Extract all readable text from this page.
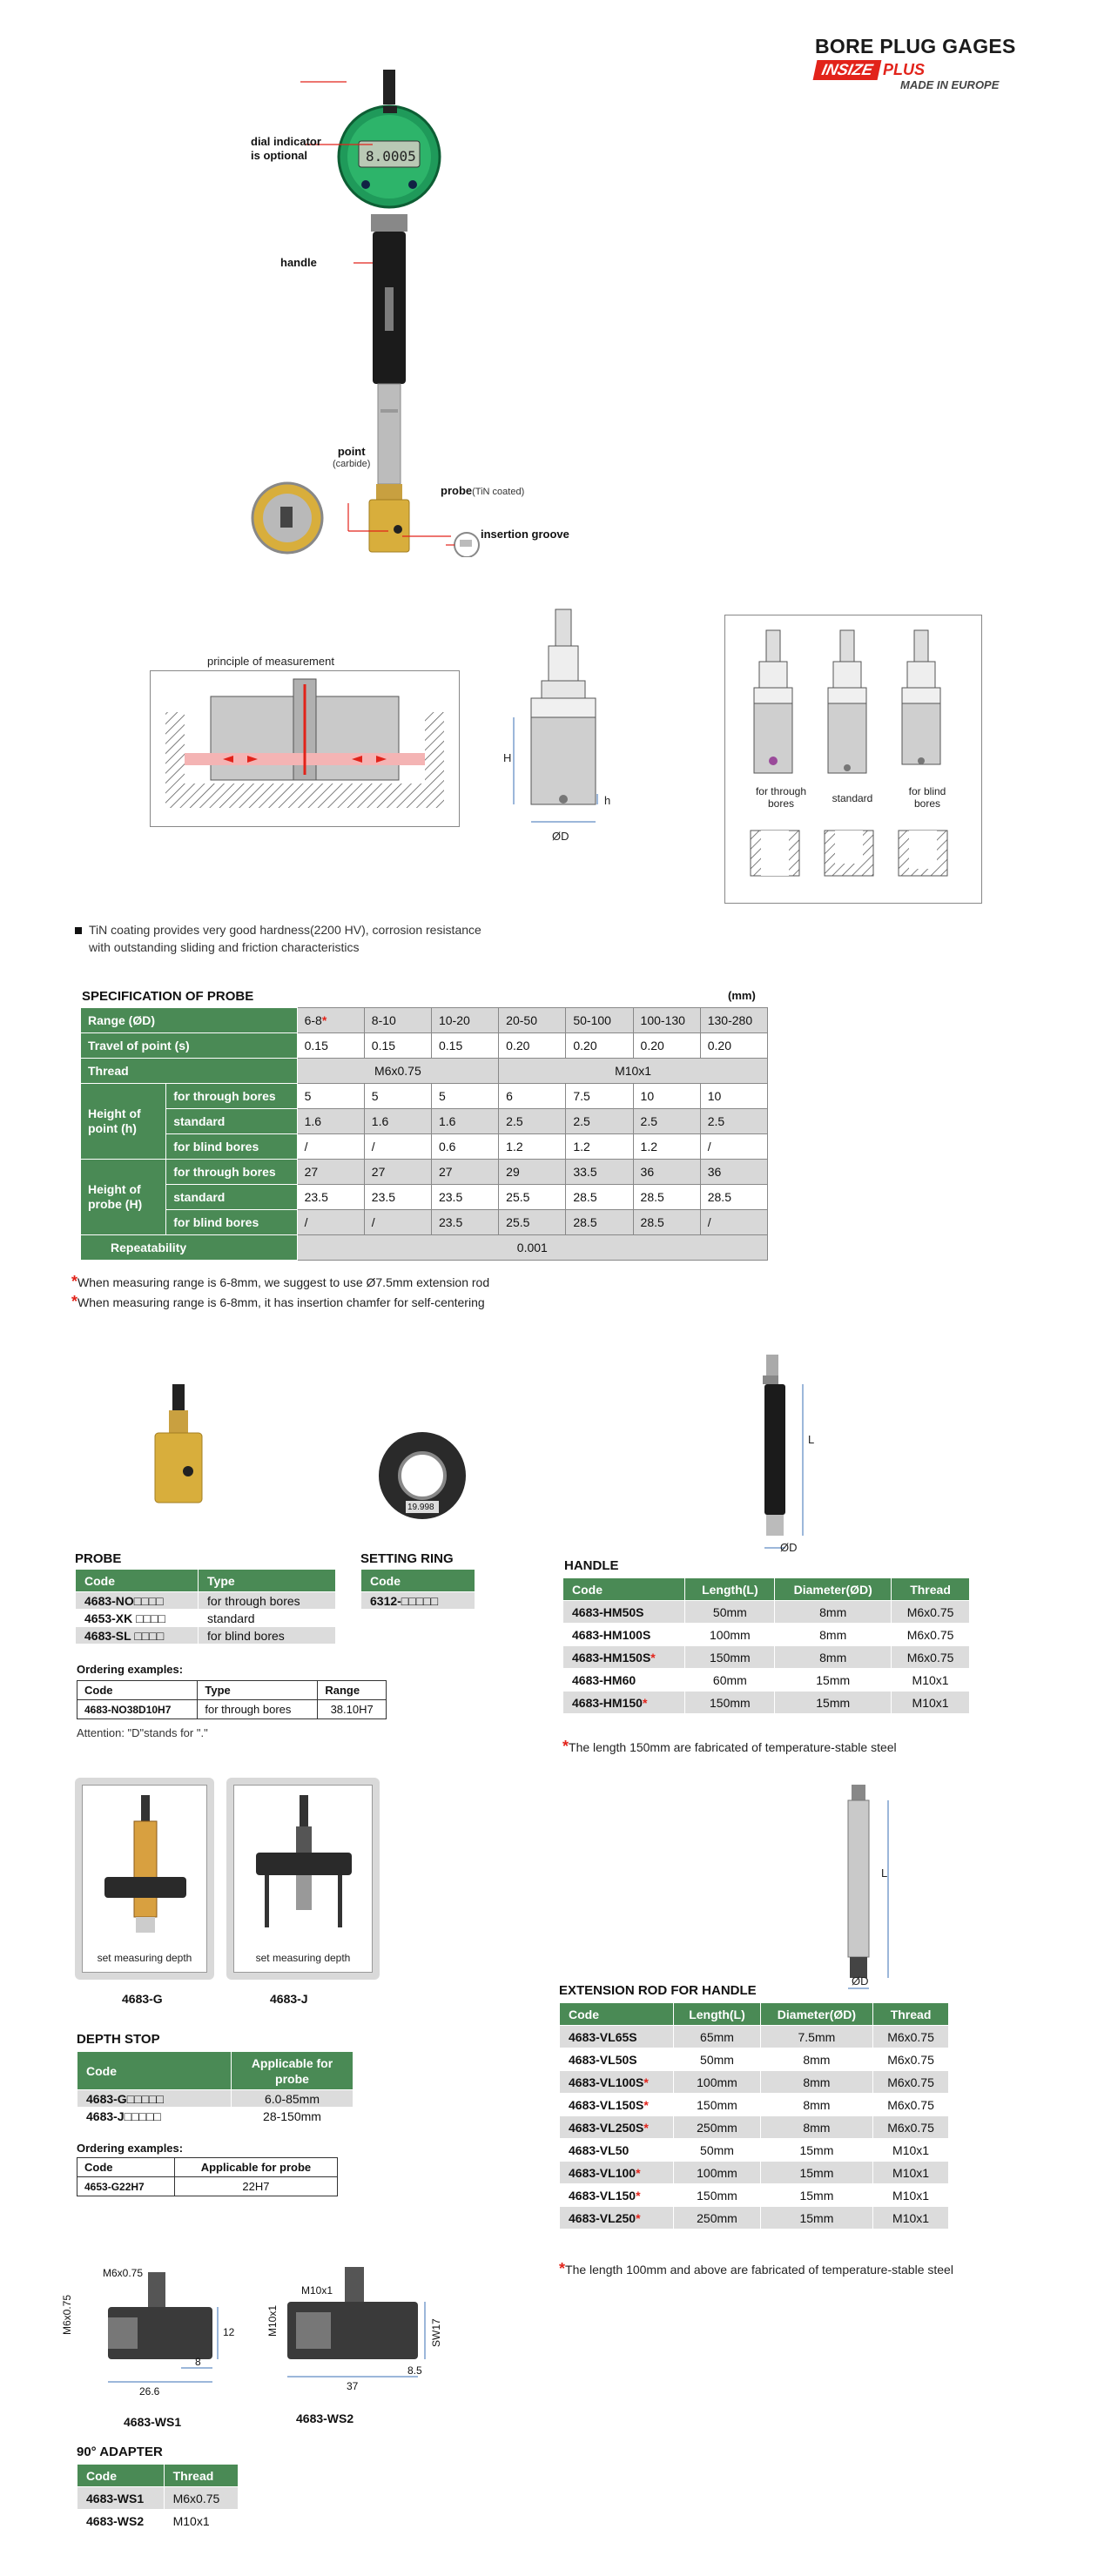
BORE PLUG GAGES
INSIZE PLUS
MADE IN EUROPE
dial indicator
is optional	8.0005
handle
point
(carbide)
probe(TiN coated)
insertion groove
principle of measurement
H
h
ØD
for through bores	standard
for blind bores
TiN coating provides very good hardness(2200 HV), corrosion resistance
with outstanding sliding and friction characteristics
SPECIFICATION OF PROBE	(mm)
Range (ØD)		6-8*	8-10	10-20	20-50	50-100	100-130	130-280
Travel of point (s)		0.15	0.15	0.15	0.20	0.20	0.20	0.20
Thread		M6x0.75			M10x1			
Height of point (h)	for through bores	5	5	5	6	7.5	10	10
	standard	1.6	1.6	1.6	2.5	2.5	2.5	2.5
	for blind bores	/	/	0.6	1.2	1.2	1.2	/
Height of probe (H)	for through bores	27	27	27	29	33.5	36	36
	standard	23.5	23.5	23.5	25.5	28.5	28.5	28.5
	for blind bores	/	/	23.5	25.5	28.5	28.5	/
Repeatability		0.001						
*When measuring range is 6-8mm, we suggest to use Ø7.5mm extension rod
*When measuring range is 6-8mm, it has insertion chamfer for self-centering
19.998
PROBE
Code	Type
4683-NO□□□□	for through bores
4653-XK □□□□	standard
4683-SL □□□□	for blind bores
SETTING RING
Code
6312-□□□□□
Ordering examples:
Code	Type	Range
4683-NO38D10H7	for through bores	38.10H7
Attention: "D"stands for "."
L
ØD
HANDLE
Code	Length(L)	Diameter(ØD)	Thread
4683-HM50S	50mm	8mm	M6x0.75
4683-HM100S	100mm	8mm	M6x0.75
4683-HM150S*	150mm	8mm	M6x0.75
4683-HM60	60mm	15mm	M10x1
4683-HM150*	150mm	15mm	M10x1
*The length 150mm are fabricated of temperature-stable steel
set measuring depth	set measuring depth
4683-G	4683-J
DEPTH STOP
Code	Applicable for probe
4683-G□□□□□	6.0-85mm
4683-J□□□□□	28-150mm
Ordering examples:
Code	Applicable for probe
4653-G22H7	22H7
L
ØD
EXTENSION ROD FOR HANDLE
Code	Length(L)	Diameter(ØD)	Thread
4683-VL65S	65mm	7.5mm	M6x0.75
4683-VL50S	50mm	8mm	M6x0.75
4683-VL100S*	100mm	8mm	M6x0.75
4683-VL150S*	150mm	8mm	M6x0.75
4683-VL250S*	250mm	8mm	M6x0.75
4683-VL50	50mm	15mm	M10x1
4683-VL100*	100mm	15mm	M10x1
4683-VL150*	150mm	15mm	M10x1
4683-VL250*	250mm	15mm	M10x1
*The length 100mm and above are fabricated of temperature-stable steel
M6x0.75
M6x0.75	12
8
26.6
M10x1
M10x1	SW17
8.5
37
4683-WS1	4683-WS2
90° ADAPTER
Code	Thread
4683-WS1	M6x0.75
4683-WS2	M10x1
